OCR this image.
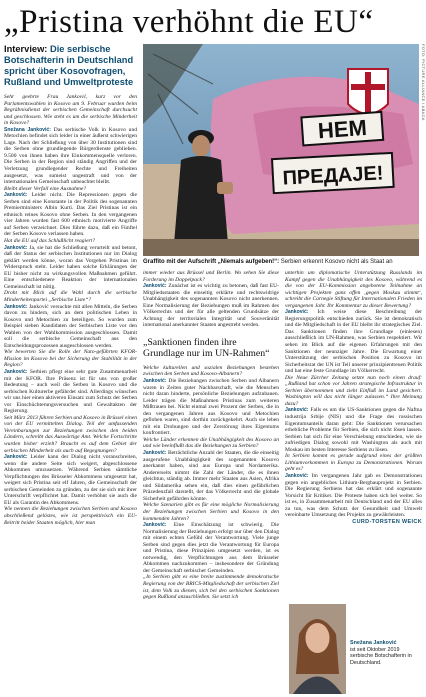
„Pristina verhöhnt die EU“
Interview: Die serbische Botschafterin in Deutschland spricht über Kosovofragen, Rußland und Umweltproteste

Sehr geehrte Frau Janković, kurz vor den Parlamentswahlen in Kosovo am 9. Februar wurden beim Begräbnisdienst der serbischen Gemeinschaft durchsucht und geschlossen. Wie steht es um die serbische Minderheit in Kosovo?

Snežana Janković: Das serbische Volk in Kosovo und Metochien befindet sich leider in einer äußerst schwierigen Lage. Nach der Schließung von über 30 Institutionen sind die Serben ohne grundlegende Bürgerdienste geblieben. 9.500 von ihnen haben ihre Einkommensquelle verloren. Die Serben in der Region sind ständig Angriffen und der Verletzung grundlegender Rechte und Freiheiten ausgesetzt, was sumeist ungestraft und von der internationalen Gemeinschaft unbeachtet bleibt.

Bleibt dieser Verfall eine Ausnahme?

Janković: Leider nicht. Die Repressionen gegen die Serben sind eine Konstante in der Politik des sogenannten Premierministers Albin Kurti. Das Ziel Pristinas ist ein ethnisch reines Kosovo ohne Serben. In den vergangenen vier Jahren wurden fast 600 ethnisch motivierte Angriffe auf Serben verzeichnet. Dies führte dazu, daß ein Fünftel der Serben Kosovo verlassen haben.

Hat die EU auf das Schlußlicht reagiert?

Janković: Ja, sie hat die Schließung verurteilt und betont, daß der Status der serbischen Institutionen nur im Dialog geklärt werden könne, woran das Vorgehen Pristinas im Widerspruch steht. Leider haben solche Erklärungen der EU bisher nicht zu wirkungsvollen Maßnahmen geführt. Eine entschiedenere Reaktion der internationalen Gemeinschaft ist nötig.

Droht mit Blick auf die Wahl durch die serbische Minderheitenpartei „Serbische Liste“?

Janković: Janković versuchte mit allen Mitteln, die Serben davon zu hindern, sich an dem politischen Leben in Kosovo und Metochien zu beteiligen. So wurden zum Beispiel sieben Kandidaten der Serbischen Liste vor den Wahlen von der Wahlkommission ausgeschlossen. Damit soll die serbische Gemeinschaft aus den Entscheidungsprozessen ausgeschlossen werden.

Wie bewerten Sie die Rolle der Nato-geführten KFOR-Mission im Kosovo bei der Sicherung der Stabilität in der Region?

Janković: Serbien pflegt eine sehr gute Zusammenarbeit mit der KFOR. Ihre Präsenz ist für uns von großer Bedeutung – auch weil die Serben in Kosovo und die serbischen Kulturerbe gefährdet sind. Allerdings wünschen wir uns hier einen aktiveren Einsatz zum Schutz der Serben vor Einschüchterungsversuchen und Gewaltakten der Regierung.

Seit März 2013 führen Serbien und Kosovo in Brüssel einen von der EU vermittelten Dialog. Teil der umfassenden Vereinbarungen zur Beziehungen zwischen den beiden Ländern, schreibt das Auswärtige Amt. Welche Fortschritte wurden bisher erzielt? Braucht es auf dem Gebiet der serbischen Minderheit als auch auf Begegnungen?

Janković: Leider kann der Dialog nicht voranschreiten, wenn die andere Seite sich weigert, abgeschlossene Abkommen umzusetzen. Während Serbien sämtliche Verpflichtungen des Brüsseler Abkommens umgesetzt hat, weigert sich Pristina seit elf Jahren, die Gemeinschaft der serbischen Gemeinden zu gründen, zu der sie sich mit ihrer Unterschrift verpflichtet hat. Damit verhöhnt sie auch die EU als Garantin des Abkommens.

Wie nennen die Beziehungen zwischen Serbien und Kosovo abschließend gelöstes, wie ist perspektivisch ein EU-Beitritt beider Staaten möglich, hier man

НЕМ
ПРЕДАЈЕ!
FOTO: PICTURE ALLIANCE / ABACA
Graffito mit der Aufschrift „Niemals aufgeben!“: Serbien erkennt Kosovo nicht als Staat an

immer wieder aus Brüssel und Berlin. Wo sehen Sie diese Forderung im Doppelpack?

Janković: Zunächst ist es wichtig zu betonen, daß fast EU-Mitgliedsstaaten die einseitig erklärte und rechtswidrige Unabhängigkeit des sogenannten Kosovo nicht anerkennen. Eine Normalisierung der Beziehungen muß im Rahmen des Völkerrechts und der für alle geltenden Grundsätze der Achtung der territorialen Integrität und Souveränität international anerkannter Staaten angestrebt werden.

„Sanktionen finden ihre Grundlage nur im UN-Rahmen“

Welche kulturellen und sozialen Beziehungen bestehen zwischen den Serben und Kosovo-Albanern?

Janković: Die Beziehungen zwischen Serben und Albanern waren in Zeiten guter Nachbarschaft, wie die Menschen nicht daran hinderte, persönliche Beziehungen aufzubauen. Leider trägen die Maßnahmen Pristinas zum weiteren Mißtrauen bei. Nicht einmal zwei Prozent der Serben, die in den vergangenen Jahren aus Kosovo und Metochien geflohen waren, sind dorthin zurückgekehrt. Auch sie leben mit ein Drohungen und der Zerstörung ihres Eigentums konfrontiert.

Welche Länder erkennen die Unabhängigkeit des Kosovo an und wie beeinflußt das die Beziehungen zu Serbien?

Janković: Beträchtliche Anzahl der Staaten, die die einseitig ausgerufene Unabhängigkeit des sogenannten Kosovo anerkannt haben, sind aus Europa und Nordamerika. Andererseits nimmt die Zahl der Länder, die es ihnen gleichtun, ständig ab. Immer mehr Staaten aus Asien, Afrika und Südamerika sehen ein, daß dies einen gefährlichen Präzedenzfall darstellt, der das Völkerrecht und die globale Sicherheit gefährden könnte.

Welche Szenarien gibt es für eine mögliche Normalisierung der Beziehungen zwischen Serbien und Kosovo in den kommenden Jahren?

Janković: Eine Einschätzung ist schwierig. Die Normalisierung der Beziehungen erfolgt nur über den Dialog mit einem echten Gefühl der Verantwortung. Viele junge Serben sind gegen dies jetzt die Verantwortung für Europa und Pristina, diese Prinzipien umgesetzt werden, ist es notwendig, den Verpflichtungen aus dem Brüsseler Abkommen nachzukommen – insbesondere der Gründung der Gemeinschaft serbischer Gemeinden.

„In Serbien gibt es eine breite zustimmende demokratische Regierung von der BRICS-Mitgliedschaft der serbischen Ziel ist, dem Volk zu dienen, sich bei den serbischen Sanktionen gegen Rußland anzuschließen. Sie setzt ich

unterhin um diplomatische Unterstützung Russlands im Kampf gegen die Unabhängigkeit des Kosovo, während es die von der EU-Kommission angebotene Teilnahme an wichtigen Projekten ganz offen ‚gegen Moskau stimmt‘, schreibt die Carnegie Stiftung für Internationalen Frieden im vergangenen Jahr. Ihr Kommentar zu dieser Bewertung?

Janković: Ich weise diese Beschreibung der Regierungspolitik entschieden zurück. Sie ist demokratisch und die Mitgliedschaft in der EU bleibt ihr strategisches Ziel. Das Sanktionen finden ihre Grundlage (einlesen) ausschließlich im UN-Rahmen, was Serbien respektiert. Wir sehen im Blick auf die eigenen Erfahrungen mit den Sanktionen der neunziger Jahre. Die Erwartung einer Unterstützung der serbischen Position zu Kosovo im Sicherheitsrat der UN ist Teil unserer prinzipientreuen Politik und hat eine feste Grundlage im Völkerrecht.

Die Neue Zürcher Zeitung setzte nun noch einen drauf: „Rußland hat schon vor Jahren strategische Infrastruktur in Serbien übernommen und zieht Einfluß im Land gesichert. Washington will das nicht länger zulassen.“ Ihre Meinung dazu?

Janković: Falls es um die US-Sanktionen gegen die Naftna industrija Srbije (NIS) und die Frage des russischen Eigentumsanteils daran geht: Die Sanktionen verursachen erhebliche Probleme für Serbien, die sich nicht lösen lassen. Serbien hat sich für eine Verschiebung entschieden, wie sie zufriedigen Dialog sowohl mit Washington als auch mit Moskau im besten Interesse Serbiens zu lösen.

In Serbien kommt es gerade aufgrund eines der größten Lithiumvorkommen in Europa zu Demonstrationen. Worum geht es?

Janković: Im vergangenen Jahr gab es Demonstrationen gegen ein angebliches Lithium-Bergbauprojekt in Serbien. Die Regierung Serbiens hat das erklärt und sogenannte Vorsicht für Kritiker. Die Proteste haben sich bei weiter. So ist es, in Zusammenarbeit mit Deutschland und der EU alles zu tun, was dem Schutz der Gesundheit und Umwelt vereinbarte Umsetzung des Projekts zu gewährleisten.

CURD-TORSTEN WEICK
Snežana Janković
ist seit Oktober 2019 serbische Botschafterin in Deutschland.
